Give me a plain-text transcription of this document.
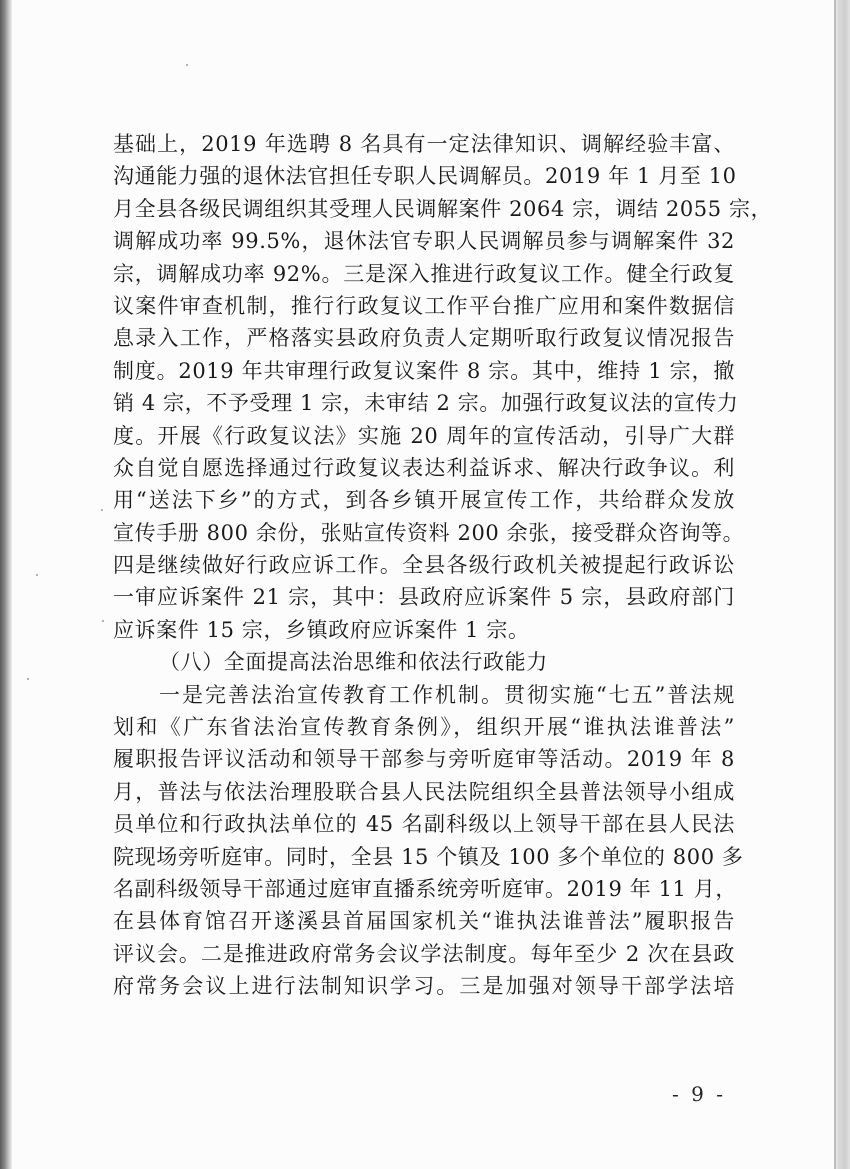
基础上，2019 年选聘 8 名具有一定法律知识、调解经验丰富、
沟通能力强的退休法官担任专职人民调解员。2019 年 1 月至 10
月全县各级民调组织其受理人民调解案件 2064 宗，调结 2055 宗，
调解成功率 99.5%，退休法官专职人民调解员参与调解案件 32
宗，调解成功率 92%。三是深入推进行政复议工作。健全行政复
议案件审查机制，推行行政复议工作平台推广应用和案件数据信
息录入工作，严格落实县政府负责人定期听取行政复议情况报告
制度。2019 年共审理行政复议案件 8 宗。其中，维持 1 宗，撤
销 4 宗，不予受理 1 宗，未审结 2 宗。加强行政复议法的宣传力
度。开展《行政复议法》实施 20 周年的宣传活动，引导广大群
众自觉自愿选择通过行政复议表达利益诉求、解决行政争议。利
用“送法下乡”的方式，到各乡镇开展宣传工作，共给群众发放
宣传手册 800 余份，张贴宣传资料 200 余张，接受群众咨询等。
四是继续做好行政应诉工作。全县各级行政机关被提起行政诉讼
一审应诉案件 21 宗，其中：县政府应诉案件 5 宗，县政府部门
应诉案件 15 宗，乡镇政府应诉案件 1 宗。
（八）全面提高法治思维和依法行政能力
一是完善法治宣传教育工作机制。贯彻实施“七五”普法规
划和《广东省法治宣传教育条例》，组织开展“谁执法谁普法”
履职报告评议活动和领导干部参与旁听庭审等活动。2019 年 8
月，普法与依法治理股联合县人民法院组织全县普法领导小组成
员单位和行政执法单位的 45 名副科级以上领导干部在县人民法
院现场旁听庭审。同时，全县 15 个镇及 100 多个单位的 800 多
名副科级领导干部通过庭审直播系统旁听庭审。2019 年 11 月，
在县体育馆召开遂溪县首届国家机关“谁执法谁普法”履职报告
评议会。二是推进政府常务会议学法制度。每年至少 2 次在县政
府常务会议上进行法制知识学习。三是加强对领导干部学法培
- 9 -
